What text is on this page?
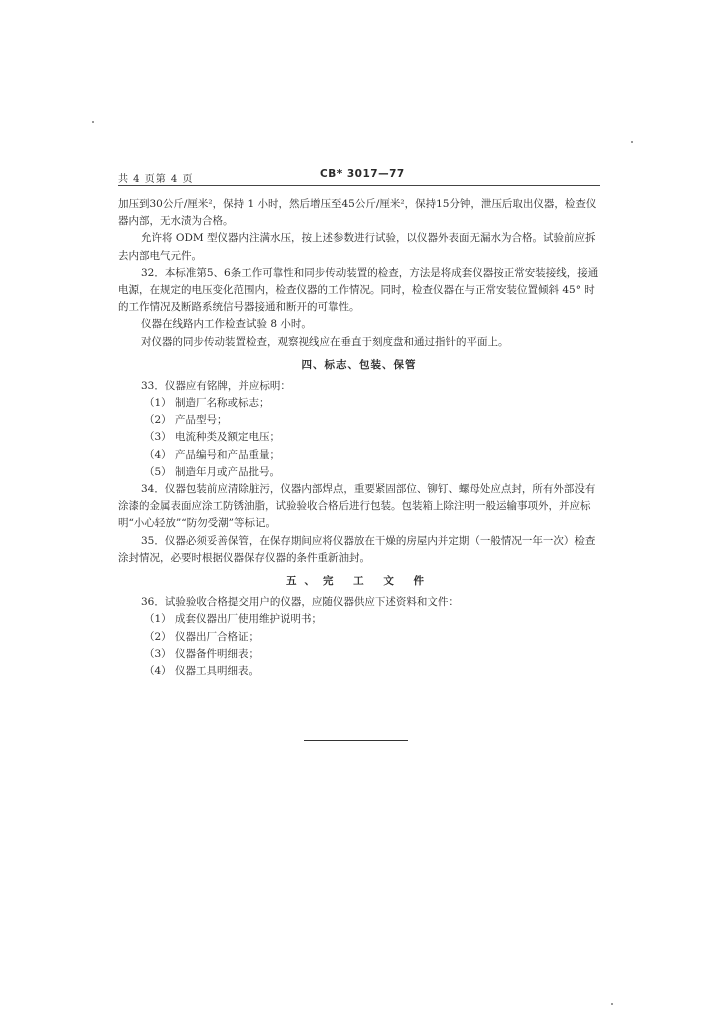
共 4 页第 4 页	CB* 3017—77
加压到30公斤/厘米²，保持 1 小时，然后增压至45公斤/厘米²，保持15分钟，泄压后取出仪器，检查仪
器内部，无水渍为合格。
允许将 ODM 型仪器内注满水压，按上述参数进行试验，以仪器外表面无漏水为合格。试验前应拆
去内部电气元件。
32．本标准第5、6条工作可靠性和同步传动装置的检查，方法是将成套仪器按正常安装接线，接通
电源，在规定的电压变化范围内，检查仪器的工作情况。同时，检查仪器在与正常安装位置倾斜 45° 时
的工作情况及断路系统信号器接通和断开的可靠性。
仪器在线路内工作检查试验 8 小时。
对仪器的同步传动装置检查，观察视线应在垂直于刻度盘和通过指针的平面上。
四、标志、包装、保管
33．仪器应有铭牌，并应标明：
（1） 制造厂名称或标志；
（2） 产品型号；
（3） 电流种类及额定电压；
（4） 产品编号和产品重量；
（5） 制造年月或产品批号。
34．仪器包装前应清除脏污，仪器内部焊点，重要紧固部位、铆钉、螺母处应点封，所有外部没有
涂漆的金属表面应涂工防锈油脂，试验验收合格后进行包装。包装箱上除注明一般运输事项外，并应标
明“小心轻放”“防勿受潮”等标记。
35．仪器必须妥善保管，在保存期间应将仪器放在干燥的房屋内并定期（一般情况一年一次）检查
涂封情况，必要时根据仪器保存仪器的条件重新油封。
五、完 工 文 件
36．试验验收合格提交用户的仪器，应随仪器供应下述资料和文件：
（1） 成套仪器出厂使用维护说明书；
（2） 仪器出厂合格证；
（3） 仪器备件明细表；
（4） 仪器工具明细表。
